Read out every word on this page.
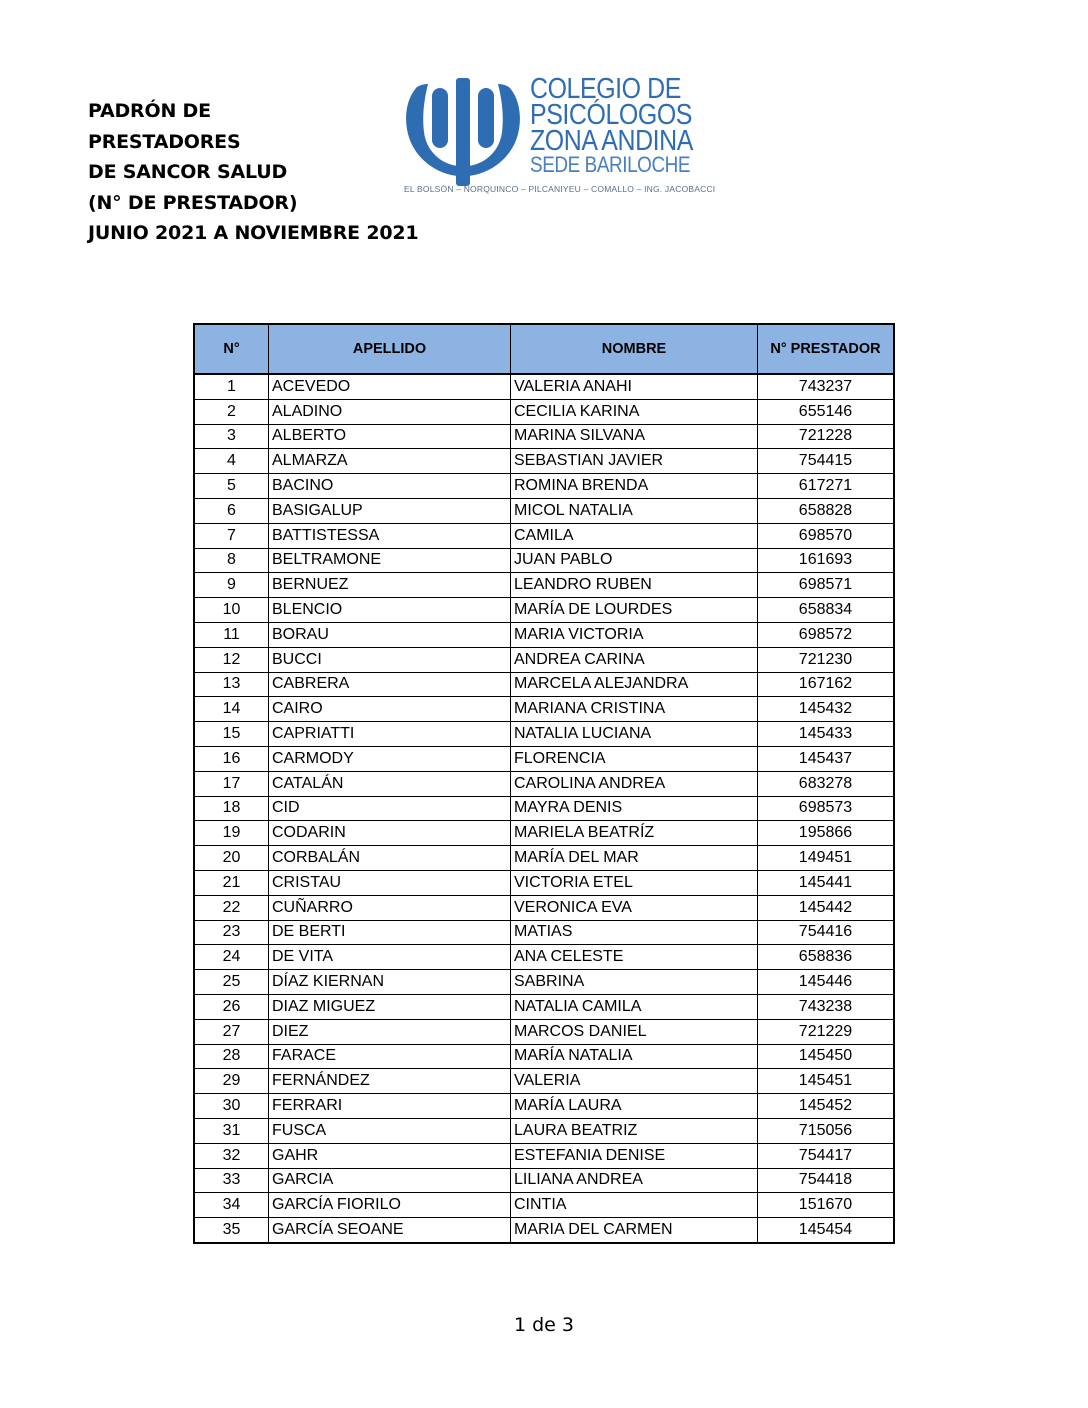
PADRÓN DE
PRESTADORES
DE SANCOR SALUD
(N° DE PRESTADOR)
JUNIO 2021 A NOVIEMBRE 2021
COLEGIO DE
PSICÓLOGOS
ZONA ANDINA
SEDE BARILOCHE
EL BOLSÓN – ÑORQUINCO – PILCANIYEU – COMALLO – ING. JACOBACCI
N°	APELLIDO	NOMBRE	N° PRESTADOR
1	ACEVEDO	VALERIA ANAHI	743237
2	ALADINO	CECILIA KARINA	655146
3	ALBERTO	MARINA SILVANA	721228
4	ALMARZA	SEBASTIAN JAVIER	754415
5	BACINO	ROMINA BRENDA	617271
6	BASIGALUP	MICOL NATALIA	658828
7	BATTISTESSA	CAMILA	698570
8	BELTRAMONE	JUAN PABLO	161693
9	BERNUEZ	LEANDRO RUBEN	698571
10	BLENCIO	MARÍA DE LOURDES	658834
11	BORAU	MARIA VICTORIA	698572
12	BUCCI	ANDREA CARINA	721230
13	CABRERA	MARCELA ALEJANDRA	167162
14	CAIRO	MARIANA CRISTINA	145432
15	CAPRIATTI	NATALIA LUCIANA	145433
16	CARMODY	FLORENCIA	145437
17	CATALÁN	CAROLINA ANDREA	683278
18	CID	MAYRA DENIS	698573
19	CODARIN	MARIELA BEATRÍZ	195866
20	CORBALÁN	MARÍA DEL MAR	149451
21	CRISTAU	VICTORIA ETEL	145441
22	CUÑARRO	VERONICA EVA	145442
23	DE BERTI	MATIAS	754416
24	DE VITA	ANA CELESTE	658836
25	DÍAZ KIERNAN	SABRINA	145446
26	DIAZ MIGUEZ	NATALIA CAMILA	743238
27	DIEZ	MARCOS DANIEL	721229
28	FARACE	MARÍA NATALIA	145450
29	FERNÁNDEZ	VALERIA	145451
30	FERRARI	MARÍA LAURA	145452
31	FUSCA	LAURA BEATRIZ	715056
32	GAHR	ESTEFANIA DENISE	754417
33	GARCIA	LILIANA ANDREA	754418
34	GARCÍA FIORILO	CINTIA	151670
35	GARCÍA SEOANE	MARIA DEL CARMEN	145454
1 de 3
